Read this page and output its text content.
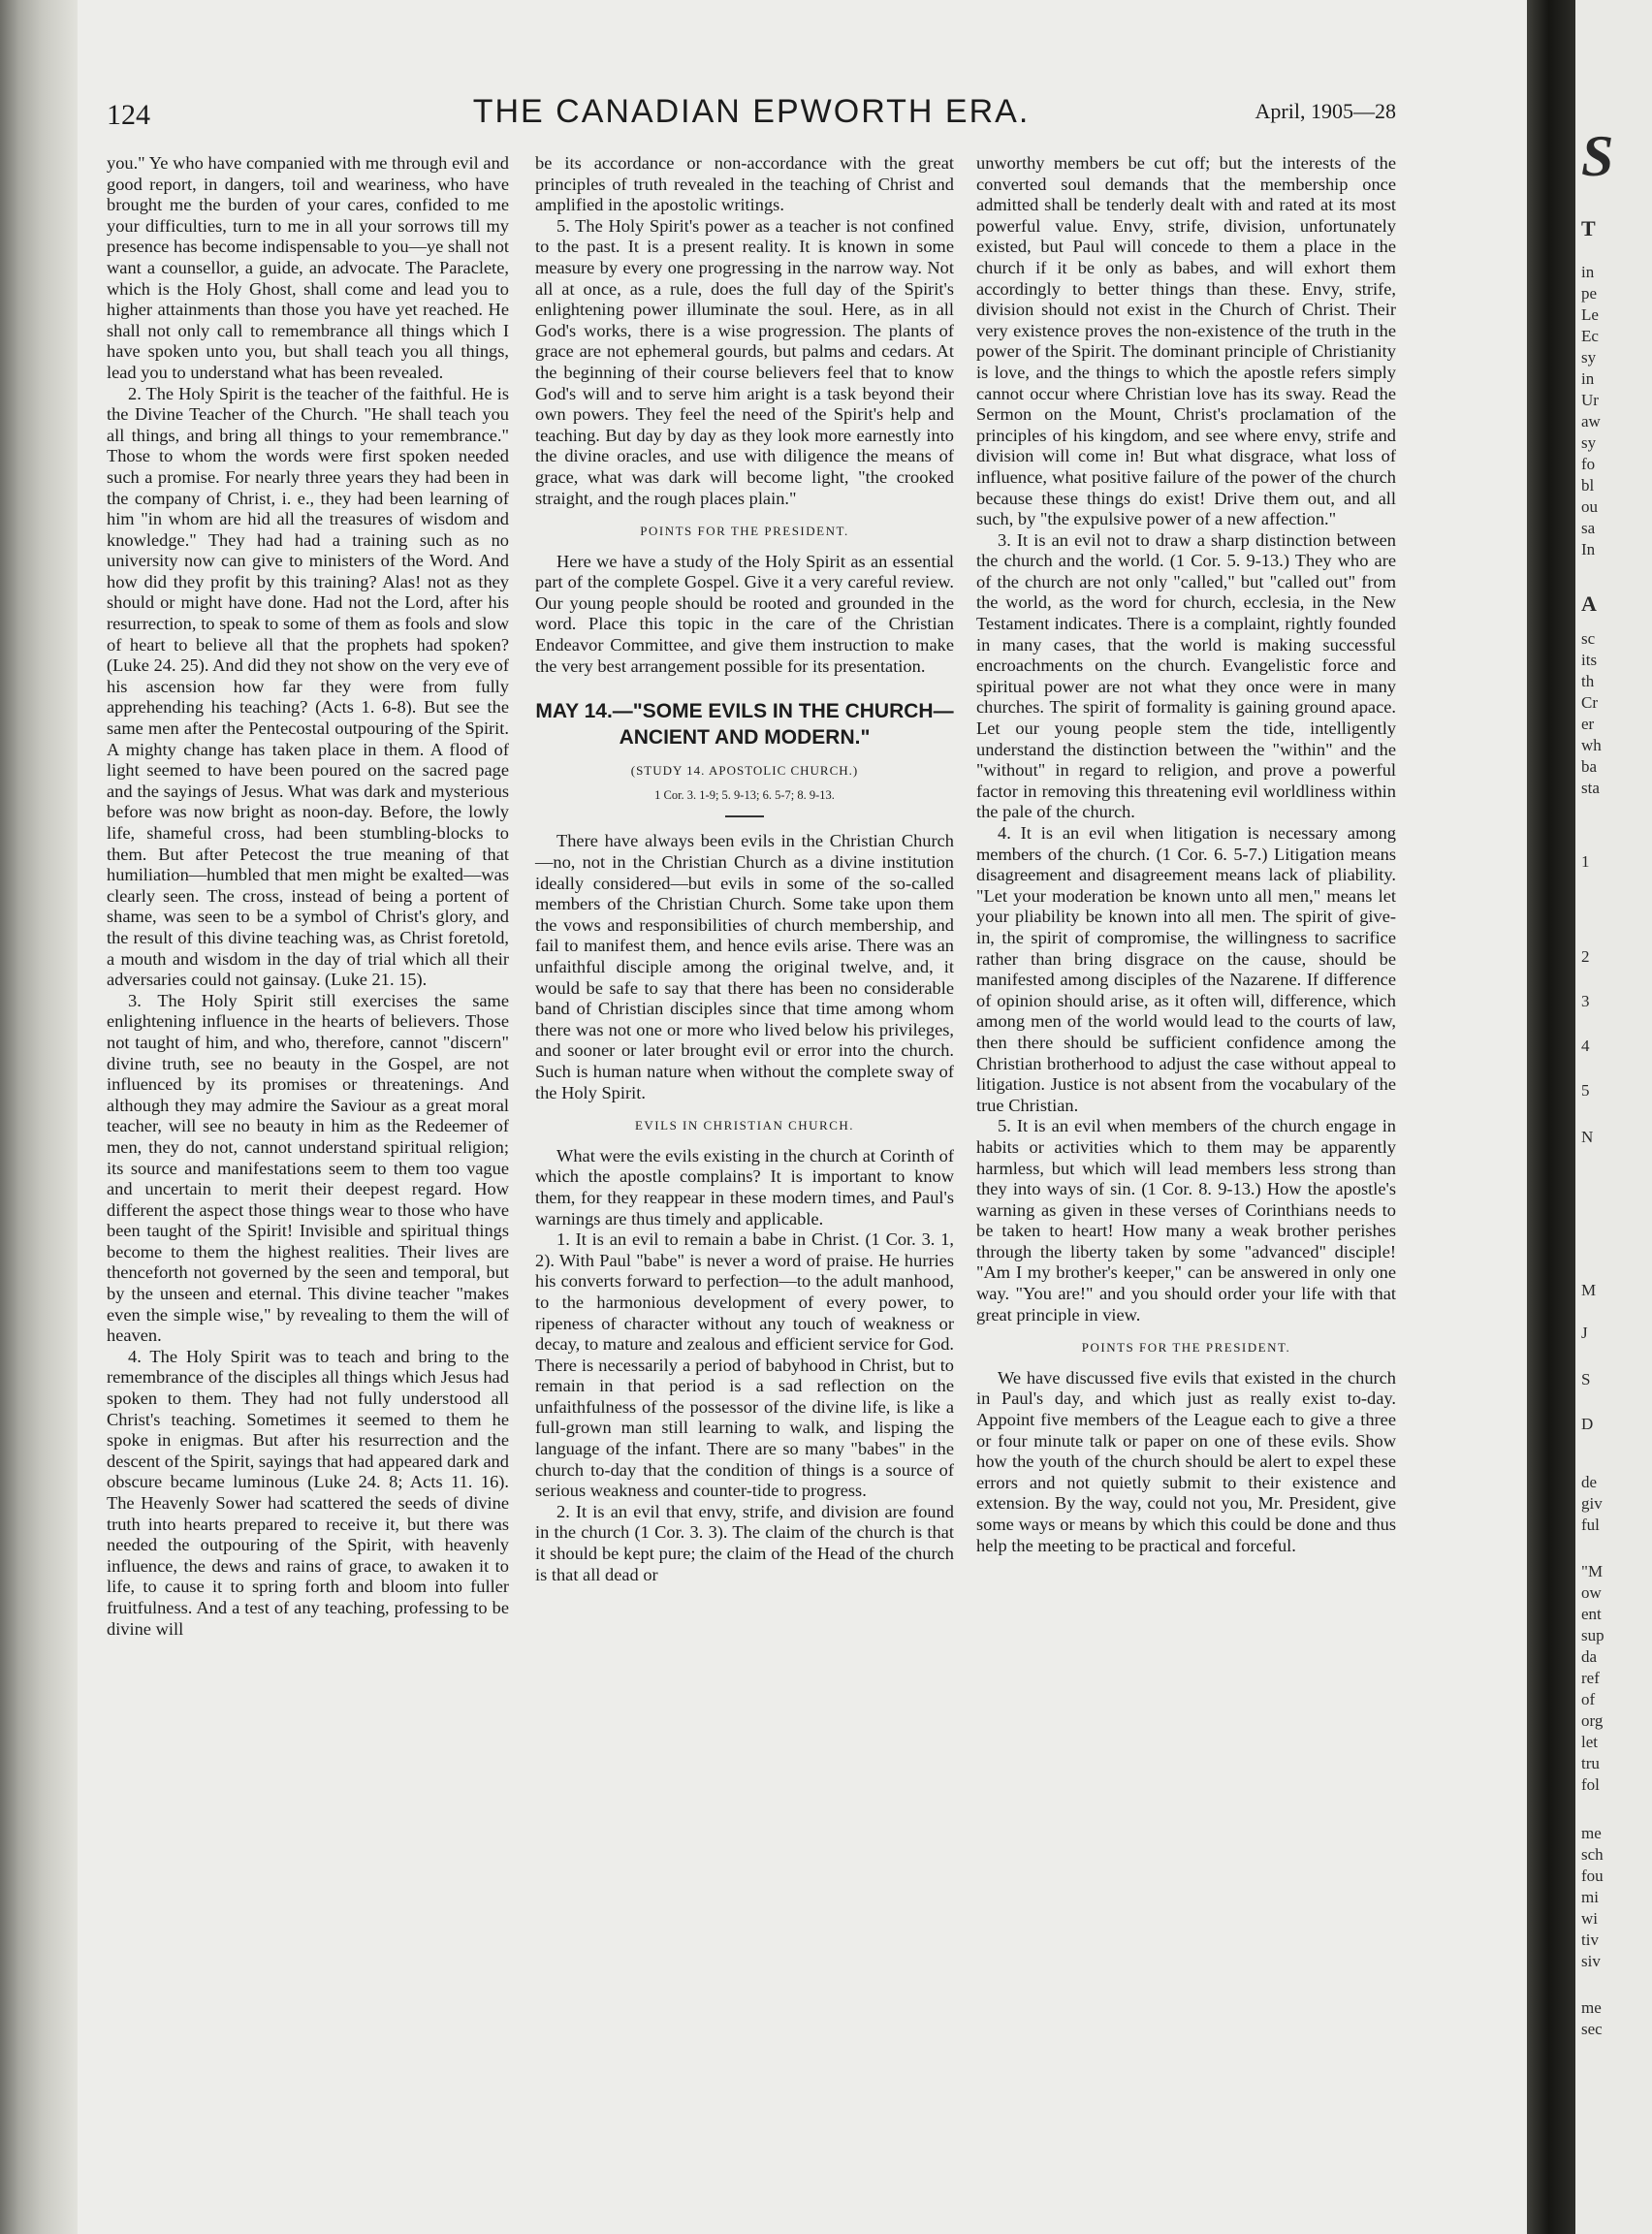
124	THE CANADIAN EPWORTH ERA.	April, 1905—28

you." Ye who have companied with me through evil and good report, in dangers, toil and weariness, who have brought me the burden of your cares, confided to me your difficulties, turn to me in all your sorrows till my presence has become indispensable to you—ye shall not want a counsellor, a guide, an advocate. The Paraclete, which is the Holy Ghost, shall come and lead you to higher attainments than those you have yet reached. He shall not only call to remembrance all things which I have spoken unto you, but shall teach you all things, lead you to understand what has been revealed.

2. The Holy Spirit is the teacher of the faithful. He is the Divine Teacher of the Church. "He shall teach you all things, and bring all things to your remembrance." Those to whom the words were first spoken needed such a promise. For nearly three years they had been in the company of Christ, i. e., they had been learning of him "in whom are hid all the treasures of wisdom and knowledge." They had had a training such as no university now can give to ministers of the Word. And how did they profit by this training? Alas! not as they should or might have done. Had not the Lord, after his resurrection, to speak to some of them as fools and slow of heart to believe all that the prophets had spoken? (Luke 24. 25). And did they not show on the very eve of his ascension how far they were from fully apprehending his teaching? (Acts 1. 6-8). But see the same men after the Pentecostal outpouring of the Spirit. A mighty change has taken place in them. A flood of light seemed to have been poured on the sacred page and the sayings of Jesus. What was dark and mysterious before was now bright as noon-day. Before, the lowly life, shameful cross, had been stumbling-blocks to them. But after Petecost the true meaning of that humiliation—humbled that men might be exalted—was clearly seen. The cross, instead of being a portent of shame, was seen to be a symbol of Christ's glory, and the result of this divine teaching was, as Christ foretold, a mouth and wisdom in the day of trial which all their adversaries could not gainsay. (Luke 21. 15).

3. The Holy Spirit still exercises the same enlightening influence in the hearts of believers. Those not taught of him, and who, therefore, cannot "discern" divine truth, see no beauty in the Gospel, are not influenced by its promises or threatenings. And although they may admire the Saviour as a great moral teacher, will see no beauty in him as the Redeemer of men, they do not, cannot understand spiritual religion; its source and manifestations seem to them too vague and uncertain to merit their deepest regard. How different the aspect those things wear to those who have been taught of the Spirit! Invisible and spiritual things become to them the highest realities. Their lives are thenceforth not governed by the seen and temporal, but by the unseen and eternal. This divine teacher "makes even the simple wise," by revealing to them the will of heaven.

4. The Holy Spirit was to teach and bring to the remembrance of the disciples all things which Jesus had spoken to them. They had not fully understood all Christ's teaching. Sometimes it seemed to them he spoke in enigmas. But after his resurrection and the descent of the Spirit, sayings that had appeared dark and obscure became luminous (Luke 24. 8; Acts 11. 16). The Heavenly Sower had scattered the seeds of divine truth into hearts prepared to receive it, but there was needed the outpouring of the Spirit, with heavenly influence, the dews and rains of grace, to awaken it to life, to cause it to spring forth and bloom into fuller fruitfulness. And a test of any teaching, professing to be divine will

be its accordance or non-accordance with the great principles of truth revealed in the teaching of Christ and amplified in the apostolic writings.

5. The Holy Spirit's power as a teacher is not confined to the past. It is a present reality. It is known in some measure by every one progressing in the narrow way. Not all at once, as a rule, does the full day of the Spirit's enlightening power illuminate the soul. Here, as in all God's works, there is a wise progression. The plants of grace are not ephemeral gourds, but palms and cedars. At the beginning of their course believers feel that to know God's will and to serve him aright is a task beyond their own powers. They feel the need of the Spirit's help and teaching. But day by day as they look more earnestly into the divine oracles, and use with diligence the means of grace, what was dark will become light, "the crooked straight, and the rough places plain."

POINTS FOR THE PRESIDENT.

Here we have a study of the Holy Spirit as an essential part of the complete Gospel. Give it a very careful review. Our young people should be rooted and grounded in the word. Place this topic in the care of the Christian Endeavor Committee, and give them instruction to make the very best arrangement possible for its presentation.

MAY 14.—"SOME EVILS IN THE CHURCH—ANCIENT AND MODERN."
(STUDY 14. APOSTOLIC CHURCH.)
1 Cor. 3. 1-9; 5. 9-13; 6. 5-7; 8. 9-13.

There have always been evils in the Christian Church—no, not in the Christian Church as a divine institution ideally considered—but evils in some of the so-called members of the Christian Church. Some take upon them the vows and responsibilities of church membership, and fail to manifest them, and hence evils arise. There was an unfaithful disciple among the original twelve, and, it would be safe to say that there has been no considerable band of Christian disciples since that time among whom there was not one or more who lived below his privileges, and sooner or later brought evil or error into the church. Such is human nature when without the complete sway of the Holy Spirit.

EVILS IN CHRISTIAN CHURCH.

What were the evils existing in the church at Corinth of which the apostle complains? It is important to know them, for they reappear in these modern times, and Paul's warnings are thus timely and applicable.

1. It is an evil to remain a babe in Christ. (1 Cor. 3. 1, 2). With Paul "babe" is never a word of praise. He hurries his converts forward to perfection—to the adult manhood, to the harmonious development of every power, to ripeness of character without any touch of weakness or decay, to mature and zealous and efficient service for God. There is necessarily a period of babyhood in Christ, but to remain in that period is a sad reflection on the unfaithfulness of the possessor of the divine life, is like a full-grown man still learning to walk, and lisping the language of the infant. There are so many "babes" in the church to-day that the condition of things is a source of serious weakness and counter-tide to progress.

2. It is an evil that envy, strife, and division are found in the church (1 Cor. 3. 3). The claim of the church is that it should be kept pure; the claim of the Head of the church is that all dead or

unworthy members be cut off; but the interests of the converted soul demands that the membership once admitted shall be tenderly dealt with and rated at its most powerful value. Envy, strife, division, unfortunately existed, but Paul will concede to them a place in the church if it be only as babes, and will exhort them accordingly to better things than these. Envy, strife, division should not exist in the Church of Christ. Their very existence proves the non-existence of the truth in the power of the Spirit. The dominant principle of Christianity is love, and the things to which the apostle refers simply cannot occur where Christian love has its sway. Read the Sermon on the Mount, Christ's proclamation of the principles of his kingdom, and see where envy, strife and division will come in! But what disgrace, what loss of influence, what positive failure of the power of the church because these things do exist! Drive them out, and all such, by "the expulsive power of a new affection."

3. It is an evil not to draw a sharp distinction between the church and the world. (1 Cor. 5. 9-13.) They who are of the church are not only "called," but "called out" from the world, as the word for church, ecclesia, in the New Testament indicates. There is a complaint, rightly founded in many cases, that the world is making successful encroachments on the church. Evangelistic force and spiritual power are not what they once were in many churches. The spirit of formality is gaining ground apace. Let our young people stem the tide, intelligently understand the distinction between the "within" and the "without" in regard to religion, and prove a powerful factor in removing this threatening evil worldliness within the pale of the church.

4. It is an evil when litigation is necessary among members of the church. (1 Cor. 6. 5-7.) Litigation means disagreement and disagreement means lack of pliability. "Let your moderation be known unto all men," means let your pliability be known into all men. The spirit of give-in, the spirit of compromise, the willingness to sacrifice rather than bring disgrace on the cause, should be manifested among disciples of the Nazarene. If difference of opinion should arise, as it often will, difference, which among men of the world would lead to the courts of law, then there should be sufficient confidence among the Christian brotherhood to adjust the case without appeal to litigation. Justice is not absent from the vocabulary of the true Christian.

5. It is an evil when members of the church engage in habits or activities which to them may be apparently harmless, but which will lead members less strong than they into ways of sin. (1 Cor. 8. 9-13.) How the apostle's warning as given in these verses of Corinthians needs to be taken to heart! How many a weak brother perishes through the liberty taken by some "advanced" disciple! "Am I my brother's keeper," can be answered in only one way. "You are!" and you should order your life with that great principle in view.

POINTS FOR THE PRESIDENT.

We have discussed five evils that existed in the church in Paul's day, and which just as really exist to-day. Appoint five members of the League each to give a three or four minute talk or paper on one of these evils. Show how the youth of the church should be alert to expel these errors and not quietly submit to their existence and extension. By the way, could not you, Mr. President, give some ways or means by which this could be done and thus help the meeting to be practical and forceful.

S
T
in
pe
Le
Ec
sy
in
Ur
aw
sy
fo
bl
ou
sa
In
A
sc
its
th
Cr
er
wh
ba
sta
1
2
3
4
5
N
M
J
S
D
de
giv
ful
"M
ow
ent
sup
da
ref
of
org
let
tru
fol
me
sch
fou
mi
wi
tiv
siv
me
sec
